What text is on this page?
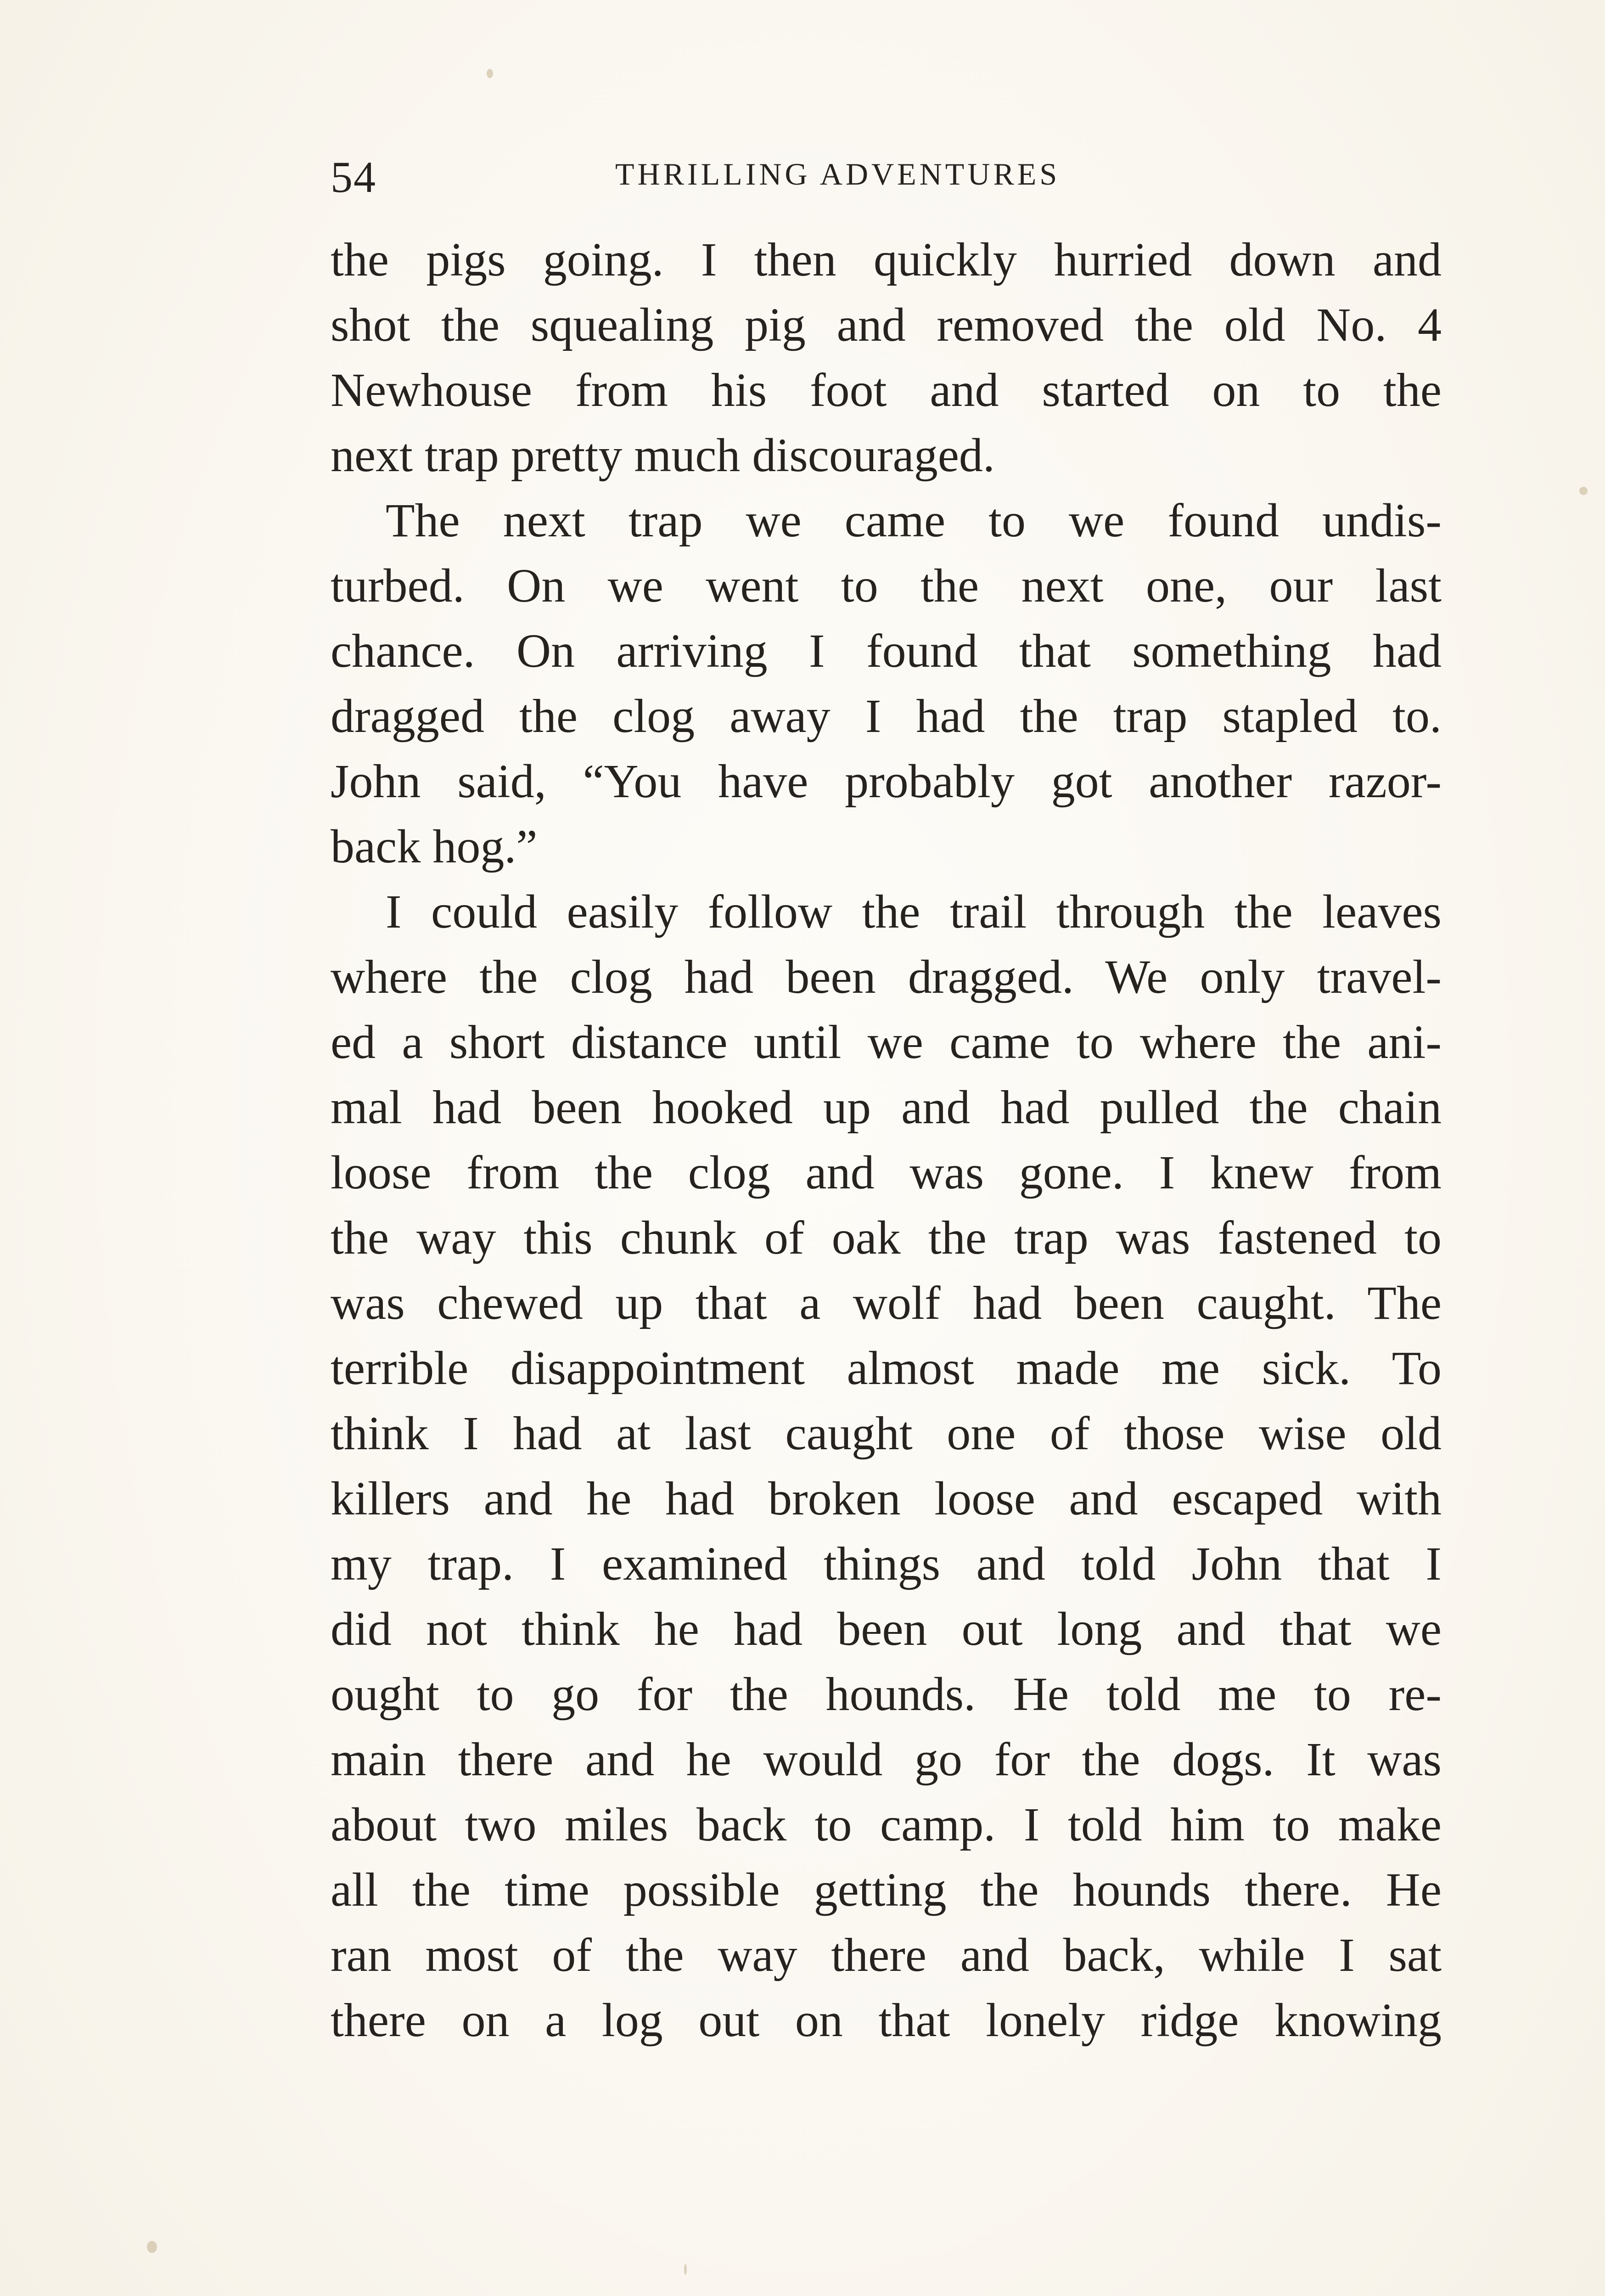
54	THRILLING ADVENTURES
the pigs going. I then quickly hurried down and
shot the squealing pig and removed the old No. 4
Newhouse from his foot and started on to the
next trap pretty much discouraged.
The next trap we came to we found undis-
turbed. On we went to the next one, our last
chance. On arriving I found that something had
dragged the clog away I had the trap stapled to.
John said, “You have probably got another razor-
back hog.”
I could easily follow the trail through the leaves
where the clog had been dragged. We only travel-
ed a short distance until we came to where the ani-
mal had been hooked up and had pulled the chain
loose from the clog and was gone. I knew from
the way this chunk of oak the trap was fastened to
was chewed up that a wolf had been caught. The
terrible disappointment almost made me sick. To
think I had at last caught one of those wise old
killers and he had broken loose and escaped with
my trap. I examined things and told John that I
did not think he had been out long and that we
ought to go for the hounds. He told me to re-
main there and he would go for the dogs. It was
about two miles back to camp. I told him to make
all the time possible getting the hounds there. He
ran most of the way there and back, while I sat
there on a log out on that lonely ridge knowing
